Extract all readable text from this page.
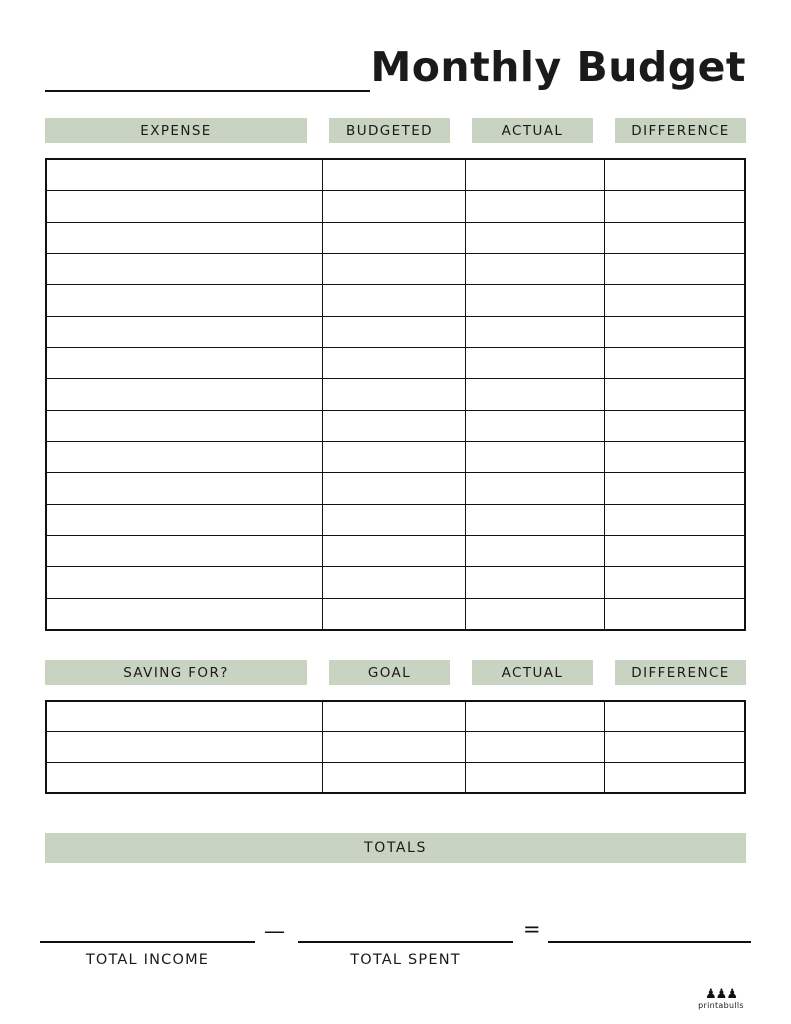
Monthly Budget
EXPENSE	BUDGETED	ACTUAL	DIFFERENCE
SAVING FOR?	GOAL	ACTUAL	DIFFERENCE
TOTALS
—	=
TOTAL INCOME	TOTAL SPENT
♟♟♟
printabulls
